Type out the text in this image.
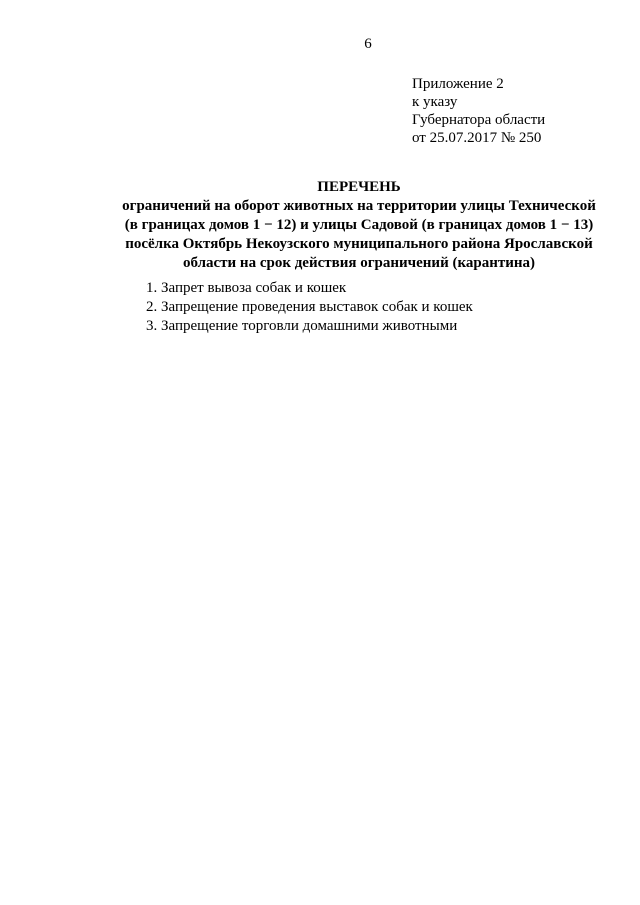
6
Приложение 2
к указу
Губернатора области
от 25.07.2017 № 250
ПЕРЕЧЕНЬ
ограничений на оборот животных на территории улицы Технической
(в границах домов 1 − 12) и улицы Садовой (в границах домов 1 − 13)
посёлка Октябрь Некоузского муниципального района Ярославской
области на срок действия ограничений (карантина)
1. Запрет вывоза собак и кошек
2. Запрещение проведения выставок собак и кошек
3. Запрещение торговли домашними животными
